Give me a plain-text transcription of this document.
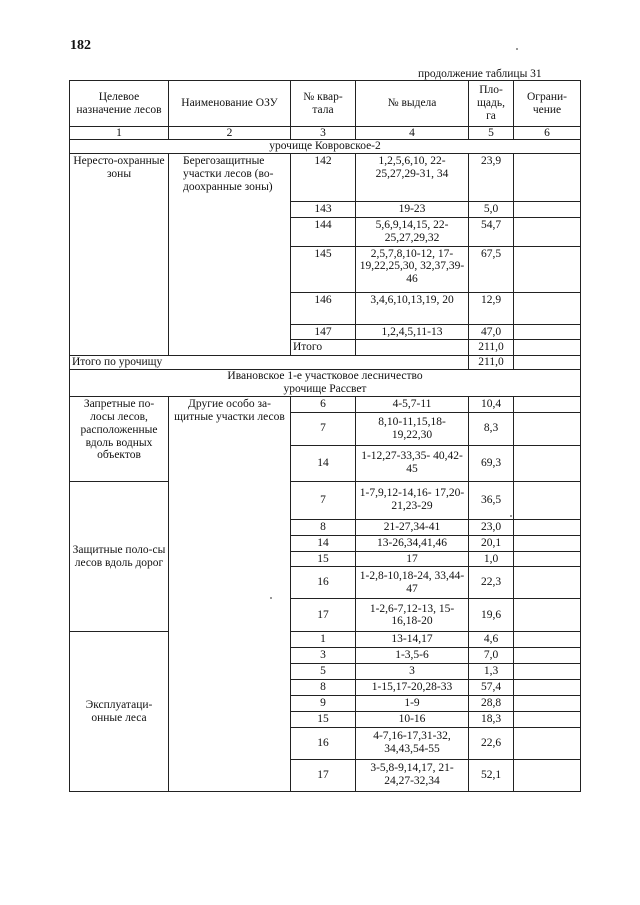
182
продолжение таблицы 31
Целевое назначение лесов	Наименование ОЗУ	№ квар-тала	№ выдела	Пло-щадь, га	Ограни-чение
1	2	3	4	5	6
урочище Ковровское-2					
Нересто-охранные зоны	Берегозащитные участки лесов (во-доохранные зоны)	142	1,2,5,6,10, 22-25,27,29-31, 34	23,9	
		143	19-23	5,0	
		144	5,6,9,14,15, 22-25,27,29,32	54,7	
		145	2,5,7,8,10-12, 17-19,22,25,30, 32,37,39-46	67,5	
		146	3,4,6,10,13,19, 20	12,9	
		147	1,2,4,5,11-13	47,0	
		Итого		211,0	
Итого по урочищу				211,0	

Ивановское 1-е участковое лесничество
урочище Рассвет					

Запретные по-лосы лесов, расположенные вдоль водных объектов	Другие особо за-щитные участки лесов	6	4-5,7-11	10,4	
		7	8,10-11,15,18- 19,22,30	8,3	
		14	1-12,27-33,35- 40,42-45	69,3	
Защитные поло-сы лесов вдоль дорог		7	1-7,9,12-14,16- 17,20-21,23-29	36,5	
		8	21-27,34-41	23,0	
		14	13-26,34,41,46	20,1	
		15	17	1,0	
		16	1-2,8-10,18-24, 33,44-47	22,3	
		17	1-2,6-7,12-13, 15-16,18-20	19,6	
Эксплуатаци-онные леса		1	13-14,17	4,6	
		3	1-3,5-6	7,0	
		5	3	1,3	
		8	1-15,17-20,28-33	57,4	
		9	1-9	28,8	
		15	10-16	18,3	
		16	4-7,16-17,31-32, 34,43,54-55	22,6	
		17	3-5,8-9,14,17, 21-24,27-32,34	52,1	
